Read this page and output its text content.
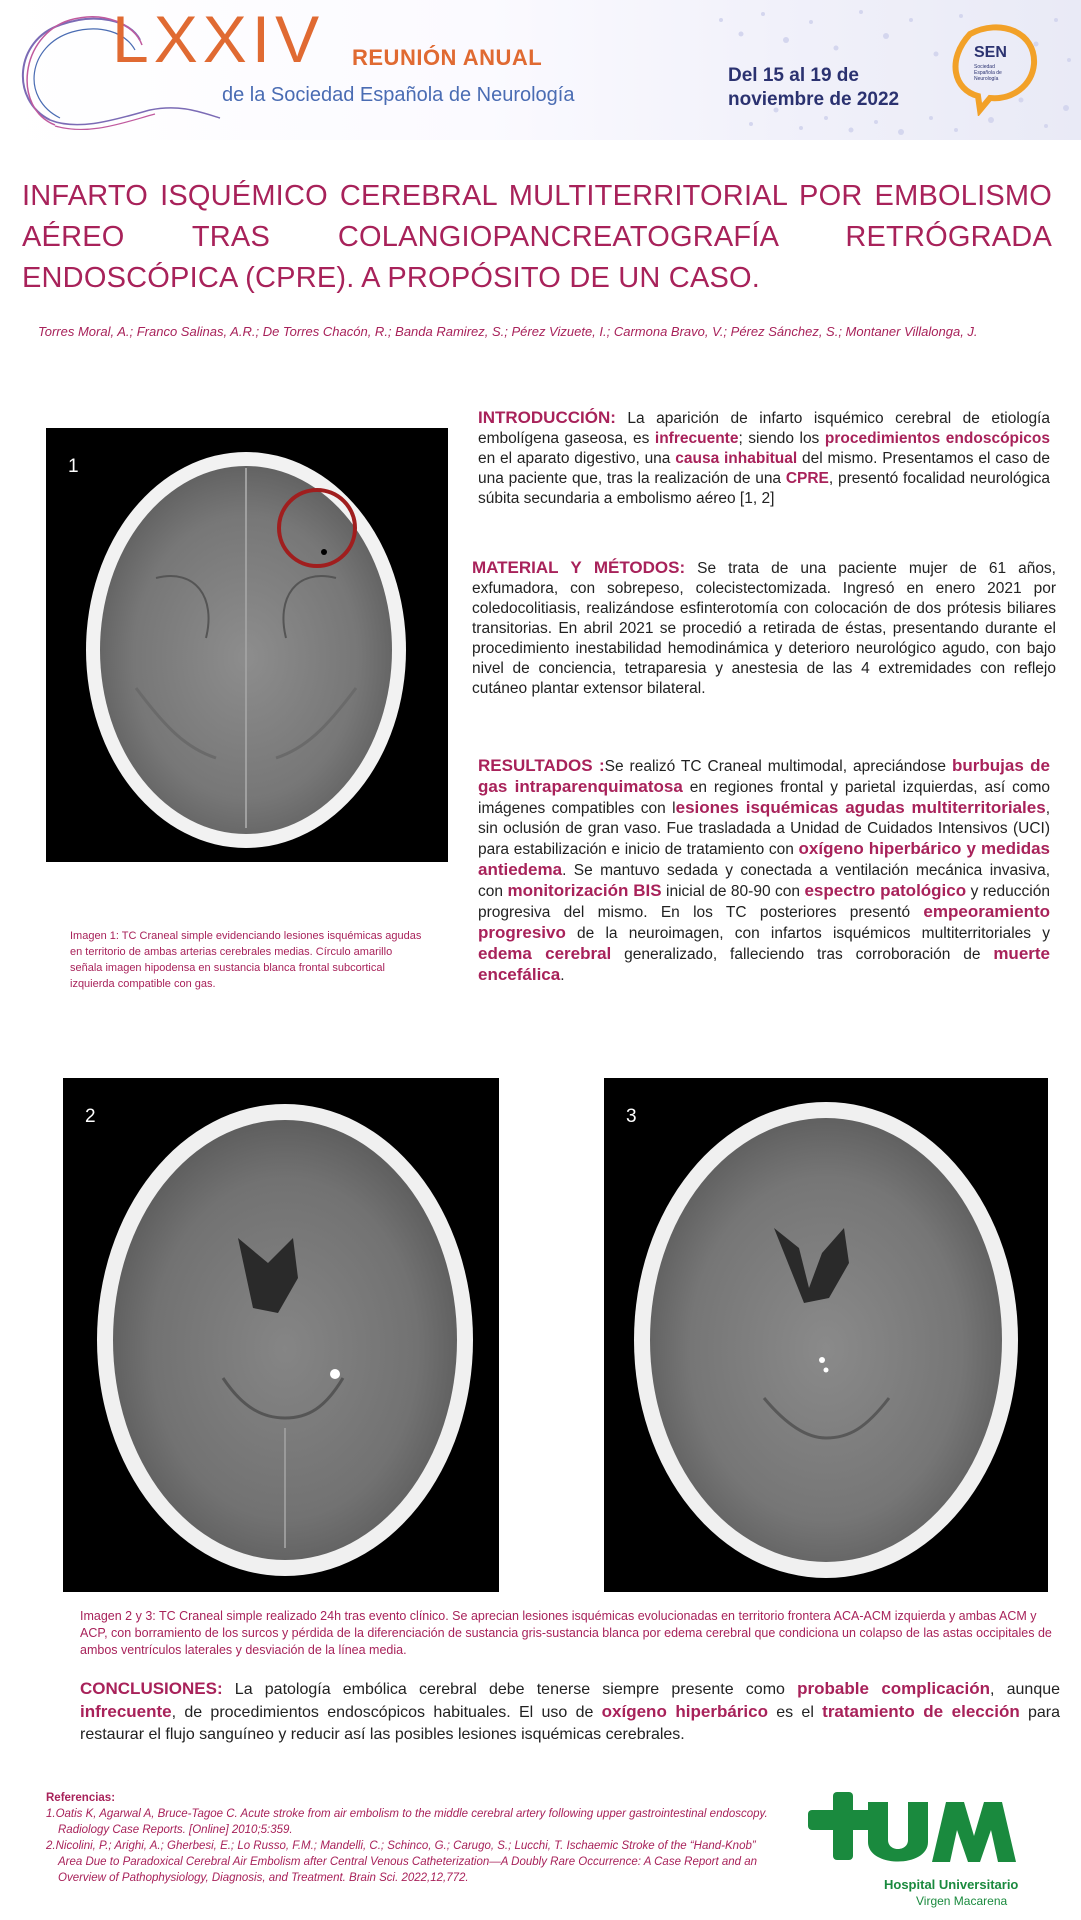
LXXIV REUNIÓN ANUAL
de la Sociedad Española de Neurología
Del 15 al 19 de noviembre de 2022
SEN
Sociedad Española de Neurología
INFARTO ISQUÉMICO CEREBRAL MULTITERRITORIAL POR EMBOLISMO AÉREO TRAS COLANGIOPANCREATOGRAFÍA RETRÓGRADA ENDOSCÓPICA (CPRE). A PROPÓSITO DE UN CASO.
Torres Moral, A.; Franco Salinas, A.R.; De Torres Chacón, R.; Banda Ramirez, S.; Pérez Vizuete, I.; Carmona Bravo, V.; Pérez Sánchez, S.; Montaner Villalonga, J.
1
Imagen 1: TC Craneal simple evidenciando lesiones isquémicas agudas en territorio de ambas arterias cerebrales medias. Círculo amarillo señala imagen hipodensa en sustancia blanca frontal subcortical izquierda compatible con gas.
INTRODUCCIÓN: La aparición de infarto isquémico cerebral de etiología embolígena gaseosa, es infrecuente; siendo los procedimientos endoscópicos en el aparato digestivo, una causa inhabitual del mismo. Presentamos el caso de una paciente que, tras la realización de una CPRE, presentó focalidad neurológica súbita secundaria a embolismo aéreo [1, 2]
MATERIAL Y MÉTODOS: Se trata de una paciente mujer de 61 años, exfumadora, con sobrepeso, colecistectomizada. Ingresó en enero 2021 por coledocolitiasis, realizándose esfinterotomía con colocación de dos prótesis biliares transitorias. En abril 2021 se procedió a retirada de éstas, presentando durante el procedimiento inestabilidad hemodinámica y deterioro neurológico agudo, con bajo nivel de conciencia, tetraparesia y anestesia de las 4 extremidades con reflejo cutáneo plantar extensor bilateral.
RESULTADOS :Se realizó TC Craneal multimodal, apreciándose burbujas de gas intraparenquimatosa en regiones frontal y parietal izquierdas, así como imágenes compatibles con lesiones isquémicas agudas multiterritoriales, sin oclusión de gran vaso. Fue trasladada a Unidad de Cuidados Intensivos (UCI) para estabilización e inicio de tratamiento con oxígeno hiperbárico y medidas antiedema. Se mantuvo sedada y conectada a ventilación mecánica invasiva, con monitorización BIS inicial de 80-90 con espectro patológico y reducción progresiva del mismo. En los TC posteriores presentó empeoramiento progresivo de la neuroimagen, con infartos isquémicos multiterritoriales y edema cerebral generalizado, falleciendo tras corroboración de muerte encefálica.
2	3
Imagen 2 y 3: TC Craneal simple realizado 24h tras evento clínico. Se aprecian lesiones isquémicas evolucionadas en territorio frontera ACA-ACM izquierda y ambas ACM y ACP, con borramiento de los surcos y pérdida de la diferenciación de sustancia gris-sustancia blanca por edema cerebral que condiciona un colapso de las astas occipitales de ambos ventrículos laterales y desviación de la línea media.
CONCLUSIONES: La patología embólica cerebral debe tenerse siempre presente como probable complicación, aunque infrecuente, de procedimientos endoscópicos habituales. El uso de oxígeno hiperbárico es el tratamiento de elección para restaurar el flujo sanguíneo y reducir así las posibles lesiones isquémicas cerebrales.
Referencias:
1.Oatis K, Agarwal A, Bruce-Tagoe C. Acute stroke from air embolism to the middle cerebral artery following upper gastrointestinal endoscopy. Radiology Case Reports. [Online] 2010;5:359.
2.Nicolini, P.; Arighi, A.; Gherbesi, E.; Lo Russo, F.M.; Mandelli, C.; Schinco, G.; Carugo, S.; Lucchi, T. Ischaemic Stroke of the “Hand-Knob” Area Due to Paradoxical Cerebral Air Embolism after Central Venous Catheterization—A Doubly Rare Occurrence: A Case Report and an Overview of Pathophysiology, Diagnosis, and Treatment. Brain Sci. 2022,12,772.	Hospital Universitario
Virgen Macarena
